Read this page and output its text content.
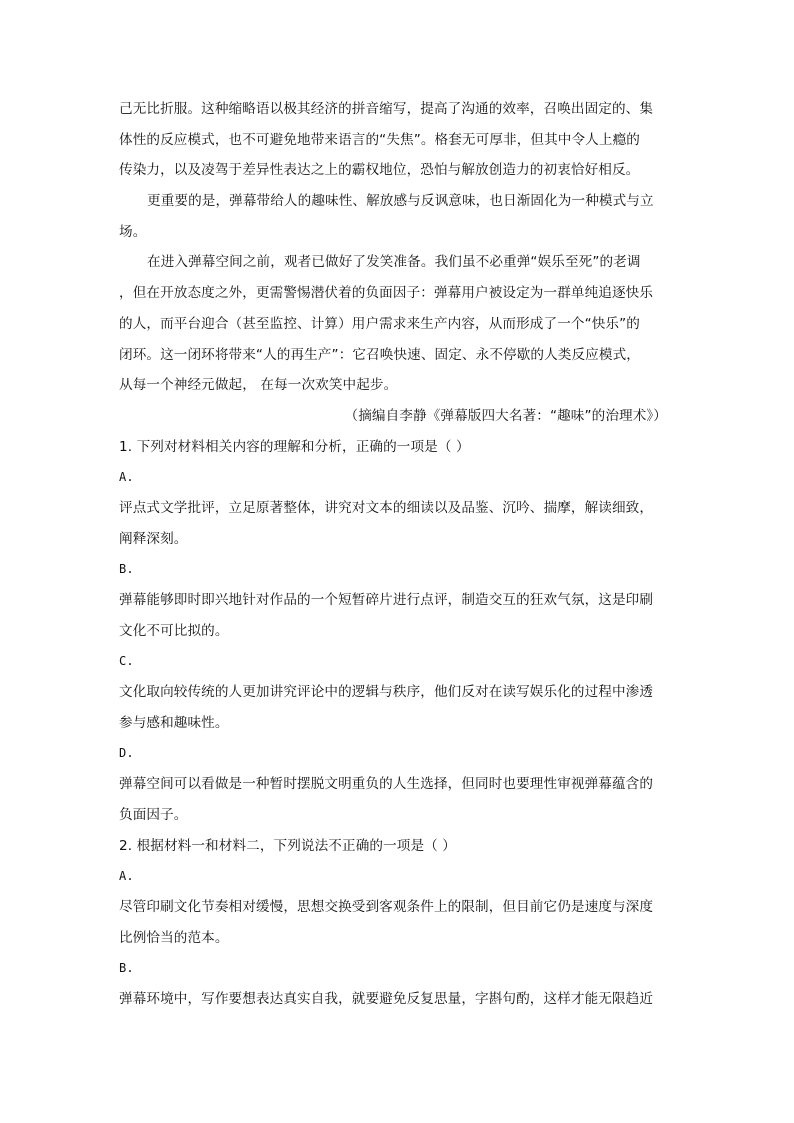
己无比折服。这种缩略语以极其经济的拼音缩写，提高了沟通的效率，召唤出固定的、集
体性的反应模式，也不可避免地带来语言的“失焦”。格套无可厚非，但其中令人上瘾的
传染力，以及凌驾于差异性表达之上的霸权地位，恐怕与解放创造力的初衷恰好相反。
更重要的是，弹幕带给人的趣味性、解放感与反讽意味，也日渐固化为一种模式与立
场。
在进入弹幕空间之前，观者已做好了发笑准备。我们虽不必重弹“娱乐至死”的老调
，但在开放态度之外，更需警惕潜伏着的负面因子：弹幕用户被设定为一群单纯追逐快乐
的人，而平台迎合（甚至监控、计算）用户需求来生产内容，从而形成了一个“快乐”的
闭环。这一闭环将带来“人的再生产”：它召唤快速、固定、永不停歇的人类反应模式，
从每一个神经元做起， 在每一次欢笑中起步。
（摘编自李静《弹幕版四大名著：“趣味”的治理术》）
1. 下列对材料相关内容的理解和分析，正确的一项是（ ）
A.
评点式文学批评，立足原著整体，讲究对文本的细读以及品鉴、沉吟、揣摩，解读细致，
阐释深刻。
B.
弹幕能够即时即兴地针对作品的一个短暂碎片进行点评，制造交互的狂欢气氛，这是印刷
文化不可比拟的。
C.
文化取向较传统的人更加讲究评论中的逻辑与秩序，他们反对在读写娱乐化的过程中渗透
参与感和趣味性。
D.
弹幕空间可以看做是一种暂时摆脱文明重负的人生选择，但同时也要理性审视弹幕蕴含的
负面因子。
2. 根据材料一和材料二，下列说法不正确的一项是（ ）
A.
尽管印刷文化节奏相对缓慢，思想交换受到客观条件上的限制，但目前它仍是速度与深度
比例恰当的范本。
B.
弹幕环境中，写作要想表达真实自我，就要避免反复思量，字斟句酌，这样才能无限趋近
